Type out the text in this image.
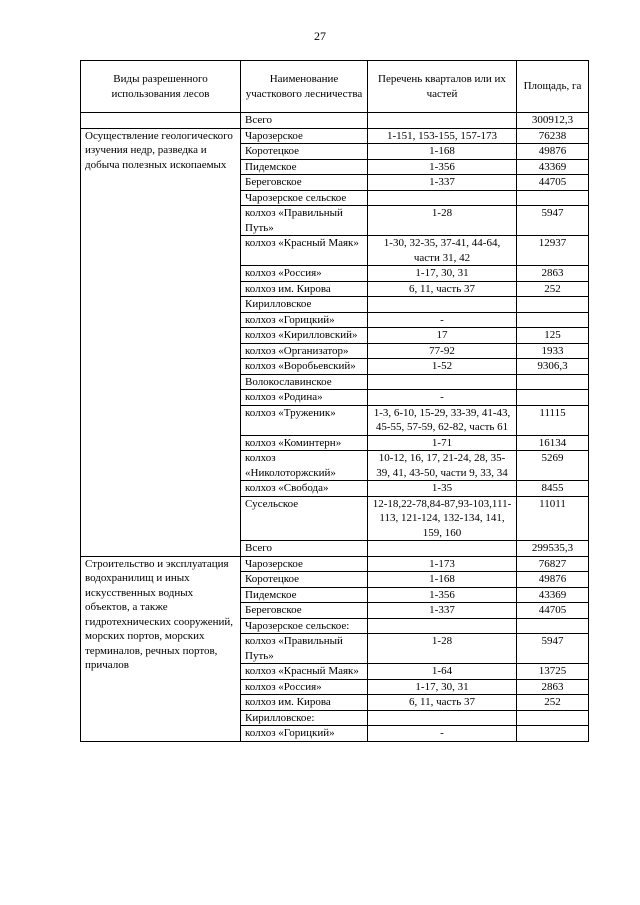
27
Виды разрешенного использования лесов	Наименование участкового лесничества	Перечень кварталов или их частей	Площадь, га
	Всего		300912,3
Осуществление геологического изучения недр, разведка и добыча полезных ископаемых	Чарозерское	1-151, 153-155, 157-173	76238
	Коротецкое	1-168	49876
	Пидемское	1-356	43369
	Береговское	1-337	44705
	Чарозерское сельское		
	колхоз «Правильный Путь»	1-28	5947
	колхоз «Красный Маяк»	1-30, 32-35, 37-41, 44-64, части 31, 42	12937
	колхоз «Россия»	1-17, 30, 31	2863
	колхоз им. Кирова	6, 11, часть 37	252
	Кирилловское		
	колхоз «Горицкий»	-	
	колхоз «Кирилловский»	17	125
	колхоз «Организатор»	77-92	1933
	колхоз «Воробьевский»	1-52	9306,3
	Волокославинское		
	колхоз «Родина»	-	
	колхоз «Труженик»	1-3, 6-10, 15-29, 33-39, 41-43, 45-55, 57-59, 62-82, часть 61	11115
	колхоз «Коминтерн»	1-71	16134
	колхоз «Николоторжский»	10-12, 16, 17, 21-24, 28, 35-39, 41, 43-50, части 9, 33, 34	5269
	колхоз «Свобода»	1-35	8455
	Сусельское	12-18,22-78,84-87,93-103,111-113, 121-124, 132-134, 141, 159, 160	11011
	Всего		299535,3
Строительство и эксплуатация водохранилищ и иных искусственных водных объектов, а также гидротехнических сооружений, морских портов, морских терминалов, речных портов, причалов	Чарозерское	1-173	76827
	Коротецкое	1-168	49876
	Пидемское	1-356	43369
	Береговское	1-337	44705
	Чарозерское сельское:		
	колхоз «Правильный Путь»	1-28	5947
	колхоз «Красный Маяк»	1-64	13725
	колхоз «Россия»	1-17, 30, 31	2863
	колхоз им. Кирова	6, 11, часть 37	252
	Кирилловское:		
	колхоз «Горицкий»	-	
